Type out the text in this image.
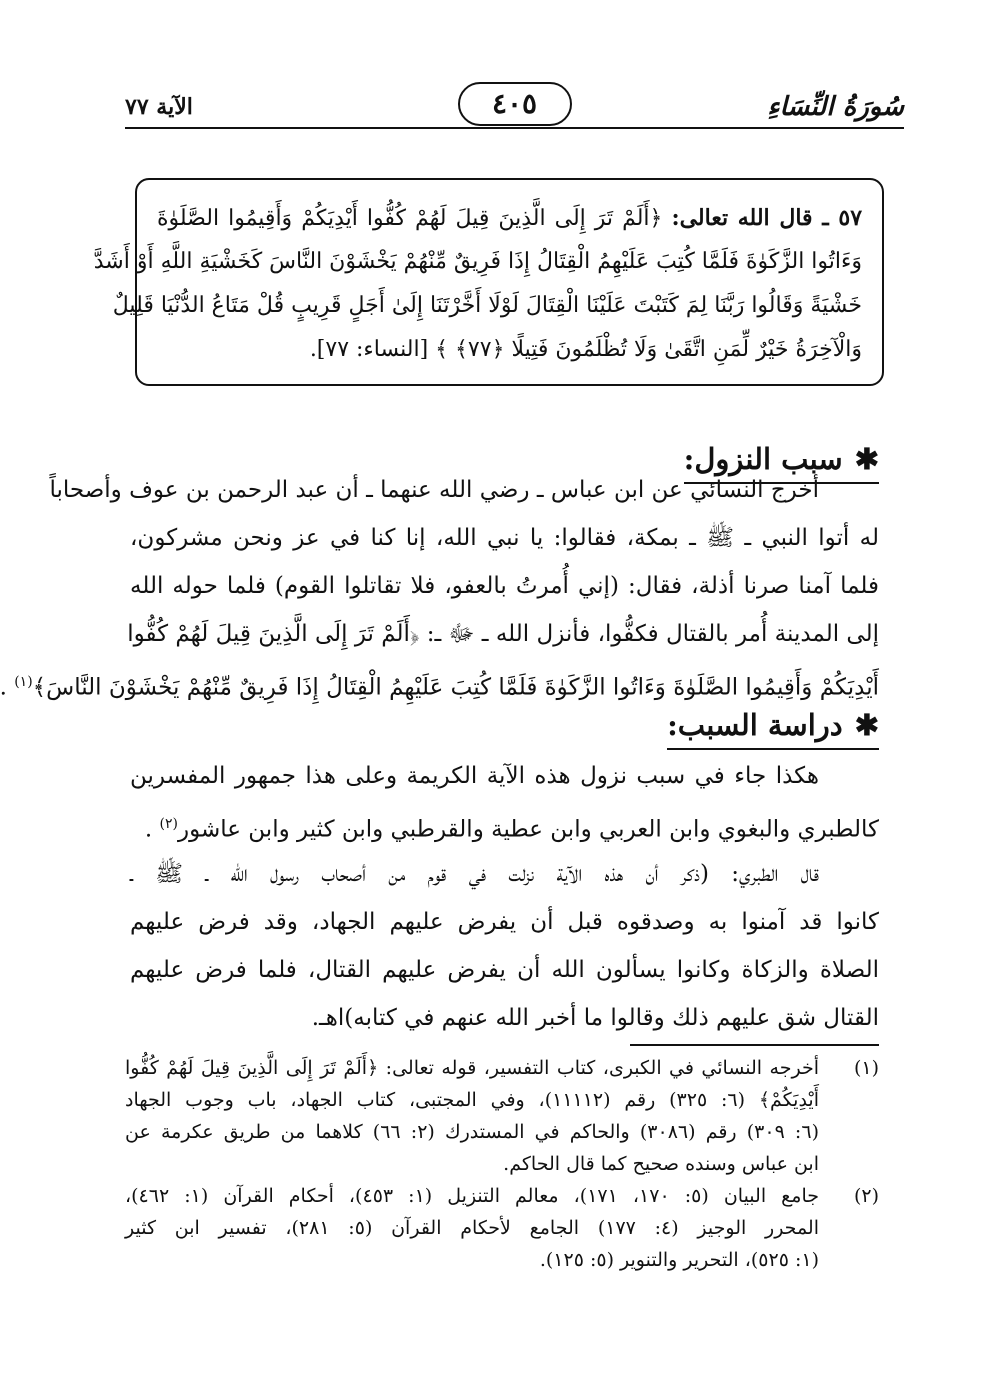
سُورَةُ النِّسَاءِ
٤٠٥
الآية ٧٧
٥٧ ـ قال الله تعالى: ﴿أَلَمْ تَرَ إِلَى الَّذِينَ قِيلَ لَهُمْ كُفُّوا أَيْدِيَكُمْ وَأَقِيمُوا الصَّلَوٰةَ
وَءَاتُوا الزَّكَوٰةَ فَلَمَّا كُتِبَ عَلَيْهِمُ الْقِتَالُ إِذَا فَرِيقٌ مِّنْهُمْ يَخْشَوْنَ النَّاسَ كَخَشْيَةِ اللَّهِ أَوْ أَشَدَّ
خَشْيَةً وَقَالُوا رَبَّنَا لِمَ كَتَبْتَ عَلَيْنَا الْقِتَالَ لَوْلَا أَخَّرْتَنَا إِلَىٰ أَجَلٍ قَرِيبٍ قُلْ مَتَاعُ الدُّنْيَا قَلِيلٌ
وَالْآخِرَةُ خَيْرٌ لِّمَنِ اتَّقَىٰ وَلَا تُظْلَمُونَ فَتِيلًا ﴿٧٧﴾ ﴾ [النساء: ٧٧].
✱سبب النزول:
أخرج النسائي عن ابن عباس ـ رضي الله عنهما ـ أن عبد الرحمن بن عوف وأصحاباً
له أتوا النبي ـ ﷺ ـ بمكة، فقالوا: يا نبي الله، إنا كنا في عز ونحن مشركون،
فلما آمنا صرنا أذلة، فقال: (إني أُمرتُ بالعفو، فلا تقاتلوا القوم) فلما حوله الله
إلى المدينة أُمر بالقتال فكفُّوا، فأنزل الله ـ ﷻ ـ: ﴿أَلَمْ تَرَ إِلَى الَّذِينَ قِيلَ لَهُمْ كُفُّوا
أَيْدِيَكُمْ وَأَقِيمُوا الصَّلَوٰةَ وَءَاتُوا الزَّكَوٰةَ فَلَمَّا كُتِبَ عَلَيْهِمُ الْقِتَالُ إِذَا فَرِيقٌ مِّنْهُمْ يَخْشَوْنَ النَّاسَ﴾$^{(١)}$ .
✱دراسة السبب:
هكذا جاء في سبب نزول هذه الآية الكريمة وعلى هذا جمهور المفسرين
كالطبري والبغوي وابن العربي وابن عطية والقرطبي وابن كثير وابن عاشور$^{(٢)}$ .
قال الطبري: (ذكر أن هذه الآية نزلت في قوم من أصحاب رسول الله ـ ﷺ ـ
كانوا قد آمنوا به وصدقوه قبل أن يفرض عليهم الجهاد، وقد فرض عليهم
الصلاة والزكاة وكانوا يسألون الله أن يفرض عليهم القتال، فلما فرض عليهم
القتال شق عليهم ذلك وقالوا ما أخبر الله عنهم في كتابه)اهـ.
(١)
أخرجه النسائي في الكبرى، كتاب التفسير، قوله تعالى: ﴿أَلَمْ تَرَ إِلَى الَّذِينَ قِيلَ لَهُمْ كُفُّوا
أَيْدِيَكُمْ﴾ (٦: ٣٢٥) رقم (١١١١٢)، وفي المجتبى، كتاب الجهاد، باب وجوب الجهاد
(٦: ٣٠٩) رقم (٣٠٨٦) والحاكم في المستدرك (٢: ٦٦) كلاهما من طريق عكرمة عن
ابن عباس وسنده صحيح كما قال الحاكم.
(٢)
جامع البيان (٥: ١٧٠، ١٧١)، معالم التنزيل (١: ٤٥٣)، أحكام القرآن (١: ٤٦٢)،
المحرر الوجيز (٤: ١٧٧) الجامع لأحكام القرآن (٥: ٢٨١)، تفسير ابن كثير
(١: ٥٢٥)، التحرير والتنوير (٥: ١٢٥).
